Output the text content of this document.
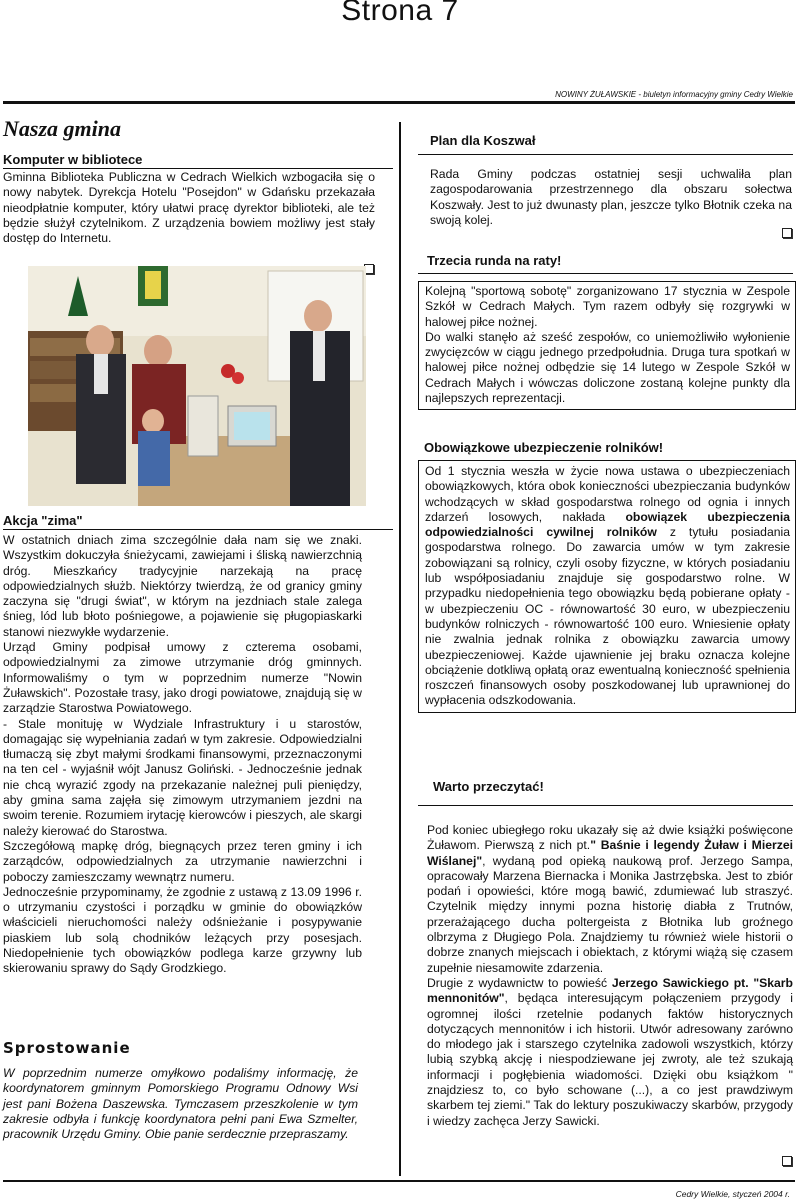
Strona 7
NOWINY ŻUŁAWSKIE - biuletyn informacyjny gminy Cedry Wielkie
Nasza gmina
Komputer w bibliotece

Gminna Biblioteka Publiczna w Cedrach Wielkich wzbogaciła się o nowy nabytek. Dyrekcja Hotelu "Posejdon" w Gdańsku przekazała nieodpłatnie komputer, który ułatwi pracę dyrektor biblioteki, ale też będzie służył czytelnikom. Z urządzenia bowiem możliwy jest stały dostęp do Internetu.

Akcja "zima"

W ostatnich dniach zima szczególnie dała nam się we znaki. Wszystkim dokuczyła śnieżycami, zawiejami i śliską nawierzchnią dróg. Mieszkańcy tradycyjnie narzekają na pracę odpowiedzialnych służb. Niektórzy twierdzą, że od granicy gminy zaczyna się "drugi świat", w którym na jezdniach stale zalega śnieg, lód lub błoto pośniegowe, a pojawienie się pługopiaskarki stanowi niezwykłe wydarzenie.

Urząd Gminy podpisał umowy z czterema osobami, odpowiedzialnymi za zimowe utrzymanie dróg gminnych. Informowaliśmy o tym w poprzednim numerze "Nowin Żuławskich". Pozostałe trasy, jako drogi powiatowe, znajdują się w zarządzie Starostwa Powiatowego.

- Stale monituję w Wydziale Infrastruktury i u starostów, domagając się wypełniania zadań w tym zakresie. Odpowiedzialni tłumaczą się zbyt małymi środkami finansowymi, przeznaczonymi na ten cel - wyjaśnił wójt Janusz Goliński. - Jednocześnie jednak nie chcą wyrazić zgody na przekazanie należnej puli pieniędzy, aby gmina sama zajęła się zimowym utrzymaniem jezdni na swoim terenie. Rozumiem irytację kierowców i pieszych, ale skargi należy kierować do Starostwa.

Szczegółową mapkę dróg, biegnących przez teren gminy i ich zarządców, odpowiedzialnych za utrzymanie nawierzchni i poboczy zamieszczamy wewnątrz numeru.

Jednocześnie przypominamy, że zgodnie z ustawą z 13.09 1996 r. o utrzymaniu czystości i porządku w gminie do obowiązków właścicieli nieruchomości należy odśnieżanie i posypywanie piaskiem lub solą chodników leżących przy posesjach. Niedopełnienie tych obowiązków podlega karze grzywny lub skierowaniu sprawy do Sądy Grodzkiego.

Sprostowanie

W poprzednim numerze omyłkowo podaliśmy informację, że koordynatorem gminnym Pomorskiego Programu Odnowy Wsi jest pani Bożena Daszewska. Tymczasem przeszkolenie w tym zakresie odbyła i funkcję koordynatora pełni pani Ewa Szmelter, pracownik Urzędu Gminy. Obie panie serdecznie przepraszamy.

Plan dla Koszwał

Rada Gminy podczas ostatniej sesji uchwaliła plan zagospodarowania przestrzennego dla obszaru sołectwa Koszwały. Jest to już dwunasty plan, jeszcze tylko Błotnik czeka na swoją kolej.

Trzecia runda na raty!

Kolejną "sportową sobotę" zorganizowano 17 stycznia w Zespole Szkół w Cedrach Małych. Tym razem odbyły się rozgrywki w halowej piłce nożnej.

Do walki stanęło aż sześć zespołów, co uniemożliwiło wyłonienie zwycięzców w ciągu jednego przedpołudnia. Druga tura spotkań w halowej piłce nożnej odbędzie się 14 lutego w Zespole Szkół w Cedrach Małych i wówczas doliczone zostaną kolejne punkty dla najlepszych reprezentacji.

Obowiązkowe ubezpieczenie rolników!

Od 1 stycznia weszła w życie nowa ustawa o ubezpieczeniach obowiązkowych, która obok konieczności ubezpieczania budynków wchodzących w skład gospodarstwa rolnego od ognia i innych zdarzeń losowych, nakłada obowiązek ubezpieczenia odpowiedzialności cywilnej rolników z tytułu posiadania gospodarstwa rolnego. Do zawarcia umów w tym zakresie zobowiązani są rolnicy, czyli osoby fizyczne, w których posiadaniu lub współposiadaniu znajduje się gospodarstwo rolne. W przypadku niedopełnienia tego obowiązku będą pobierane opłaty - w ubezpieczeniu OC - równowartość 30 euro, w ubezpieczeniu budynków rolniczych - równowartość 100 euro. Wniesienie opłaty nie zwalnia jednak rolnika z obowiązku zawarcia umowy ubezpieczeniowej. Każde ujawnienie jej braku oznacza kolejne obciążenie dotkliwą opłatą oraz ewentualną konieczność spełnienia roszczeń finansowych osoby poszkodowanej lub uprawnionej do wypłacenia odszkodowania.

Warto przeczytać!

Pod koniec ubiegłego roku ukazały się aż dwie książki poświęcone Żuławom. Pierwszą z nich pt." Baśnie i legendy Żuław i Mierzei Wiślanej", wydaną pod opieką naukową prof. Jerzego Sampa, opracowały Marzena Biernacka i Monika Jastrzębska. Jest to zbiór podań i opowieści, które mogą bawić, zdumiewać lub straszyć. Czytelnik między innymi pozna historię diabła z Trutnów, przerażającego ducha poltergeista z Błotnika lub groźnego olbrzyma z Długiego Pola. Znajdziemy tu również wiele historii o dobrze znanych miejscach i obiektach, z którymi wiążą się czasem zupełnie niesamowite zdarzenia.

Drugie z wydawnictw to powieść Jerzego Sawickiego pt. "Skarb mennonitów", będąca interesującym połączeniem przygody i ogromnej ilości rzetelnie podanych faktów historycznych dotyczących mennonitów i ich historii. Utwór adresowany zarówno do młodego jak i starszego czytelnika zadowoli wszystkich, którzy lubią szybką akcję i niespodziewane jej zwroty, ale też szukają informacji i pogłębienia wiadomości. Dzięki obu książkom " znajdziesz to, co było schowane (...), a co jest prawdziwym skarbem tej ziemi." Tak do lektury poszukiwaczy skarbów, przygody i wiedzy zachęca Jerzy Sawicki.

Cedry Wielkie, styczeń 2004 r.
